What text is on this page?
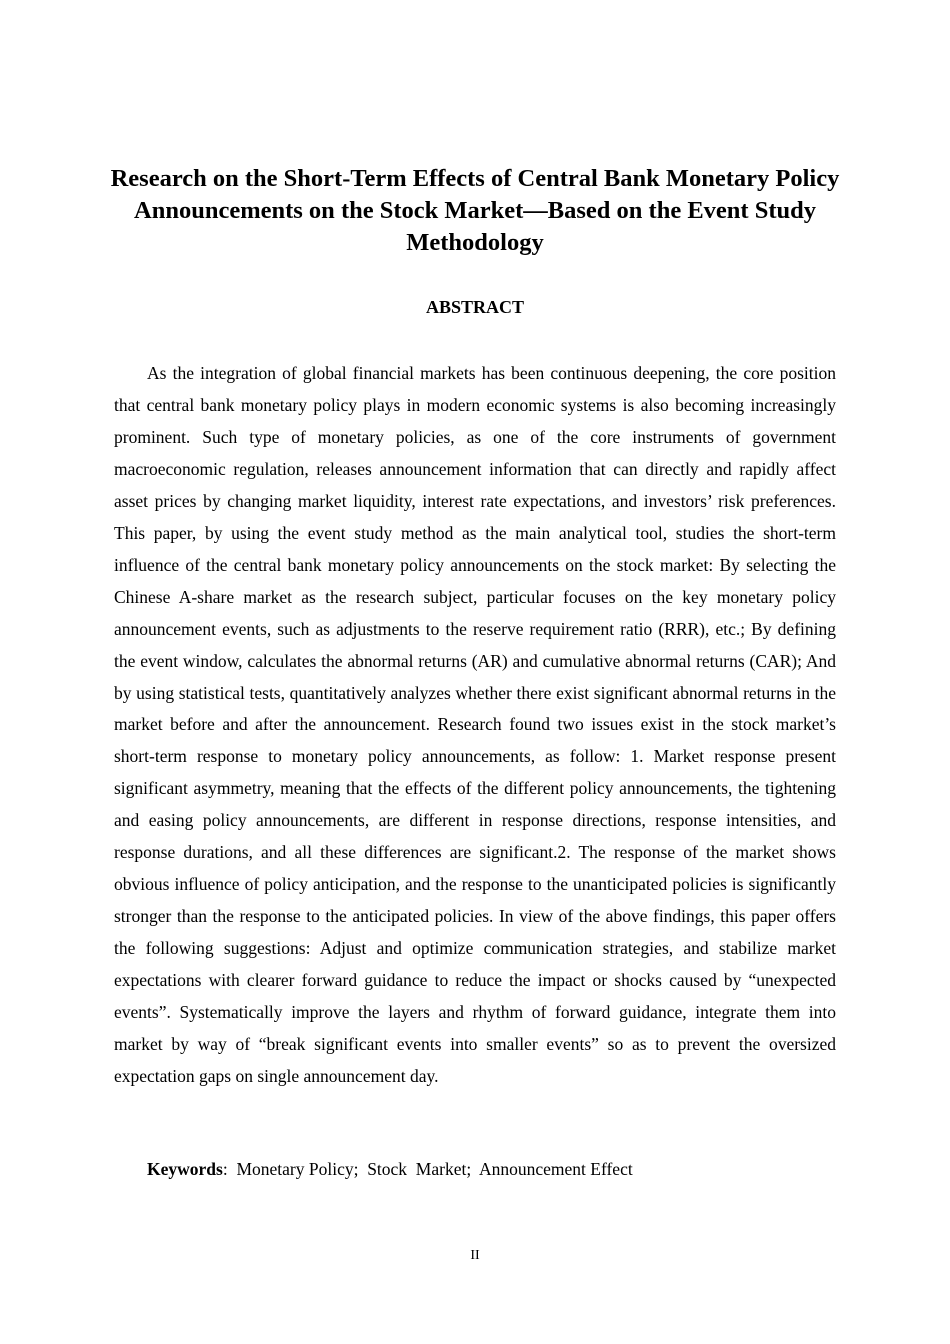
Research on the Short-Term Effects of Central Bank Monetary Policy Announcements on the Stock Market—Based on the Event Study Methodology
ABSTRACT

As the integration of global financial markets has been continuous deepening, the core position that central bank monetary policy plays in modern economic systems is also becoming increasingly prominent. Such type of monetary policies, as one of the core instruments of government macroeconomic regulation, releases announcement information that can directly and rapidly affect asset prices by changing market liquidity, interest rate expectations, and investors’ risk preferences. This paper, by using the event study method as the main analytical tool, studies the short-term influence of the central bank monetary policy announcements on the stock market: By selecting the Chinese A-share market as the research subject, particular focuses on the key monetary policy announcement events, such as adjustments to the reserve requirement ratio (RRR), etc.; By defining the event window, calculates the abnormal returns (AR) and cumulative abnormal returns (CAR); And by using statistical tests, quantitatively analyzes whether there exist significant abnormal returns in the market before and after the announcement. Research found two issues exist in the stock market’s short-term response to monetary policy announcements, as follow: 1. Market response present significant asymmetry, meaning that the effects of the different policy announcements, the tightening and easing policy announcements, are different in response directions, response intensities, and response durations, and all these differences are significant.2. The response of the market shows obvious influence of policy anticipation, and the response to the unanticipated policies is significantly stronger than the response to the anticipated policies. In view of the above findings, this paper offers the following suggestions: Adjust and optimize communication strategies, and stabilize market expectations with clearer forward guidance to reduce the impact or shocks caused by “unexpected events”. Systematically improve the layers and rhythm of forward guidance, integrate them into market by way of “break significant events into smaller events” so as to prevent the oversized expectation gaps on single announcement day.

Keywords:  Monetary Policy;  Stock  Market;  Announcement Effect

II
